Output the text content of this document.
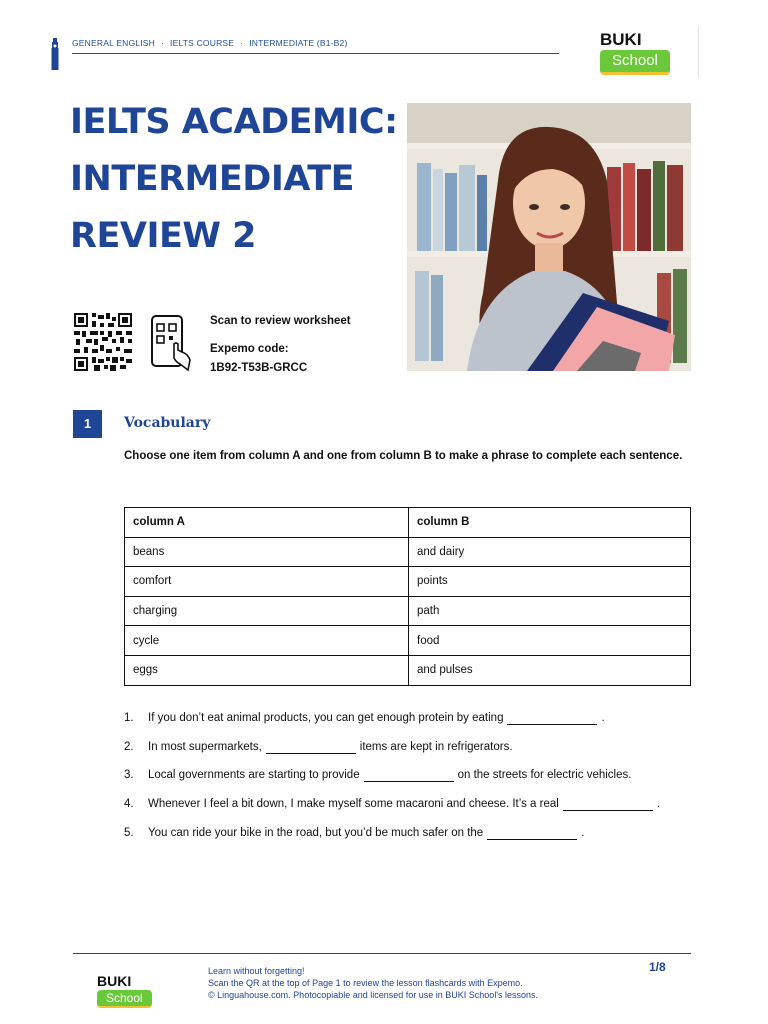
GENERAL ENGLISH · IELTS COURSE · INTERMEDIATE (B1-B2)	BUKI
School
IELTS ACADEMIC:
INTERMEDIATE
REVIEW 2
Scan to review worksheet
Expemo code:
1B92-T53B-GRCC
1	Vocabulary
Choose one item from column A and one from column B to make a phrase to complete each sentence.
column A	column B
beans	and dairy
comfort	points
charging	path
cycle	food
eggs	and pulses
1.	If you don’t eat animal products, you can get enough protein by eating	.
2.	In most supermarkets,	items are kept in refrigerators.
3.	Local governments are starting to provide	on the streets for electric vehicles.
4.	Whenever I feel a bit down, I make myself some macaroni and cheese. It’s a real	.
5.	You can ride your bike in the road, but you’d be much safer on the	.
BUKI
School
Learn without forgetting!
Scan the QR at the top of Page 1 to review the lesson flashcards with Expemo.
© Linguahouse.com. Photocopiable and licensed for use in BUKI School's lessons.
1/8
